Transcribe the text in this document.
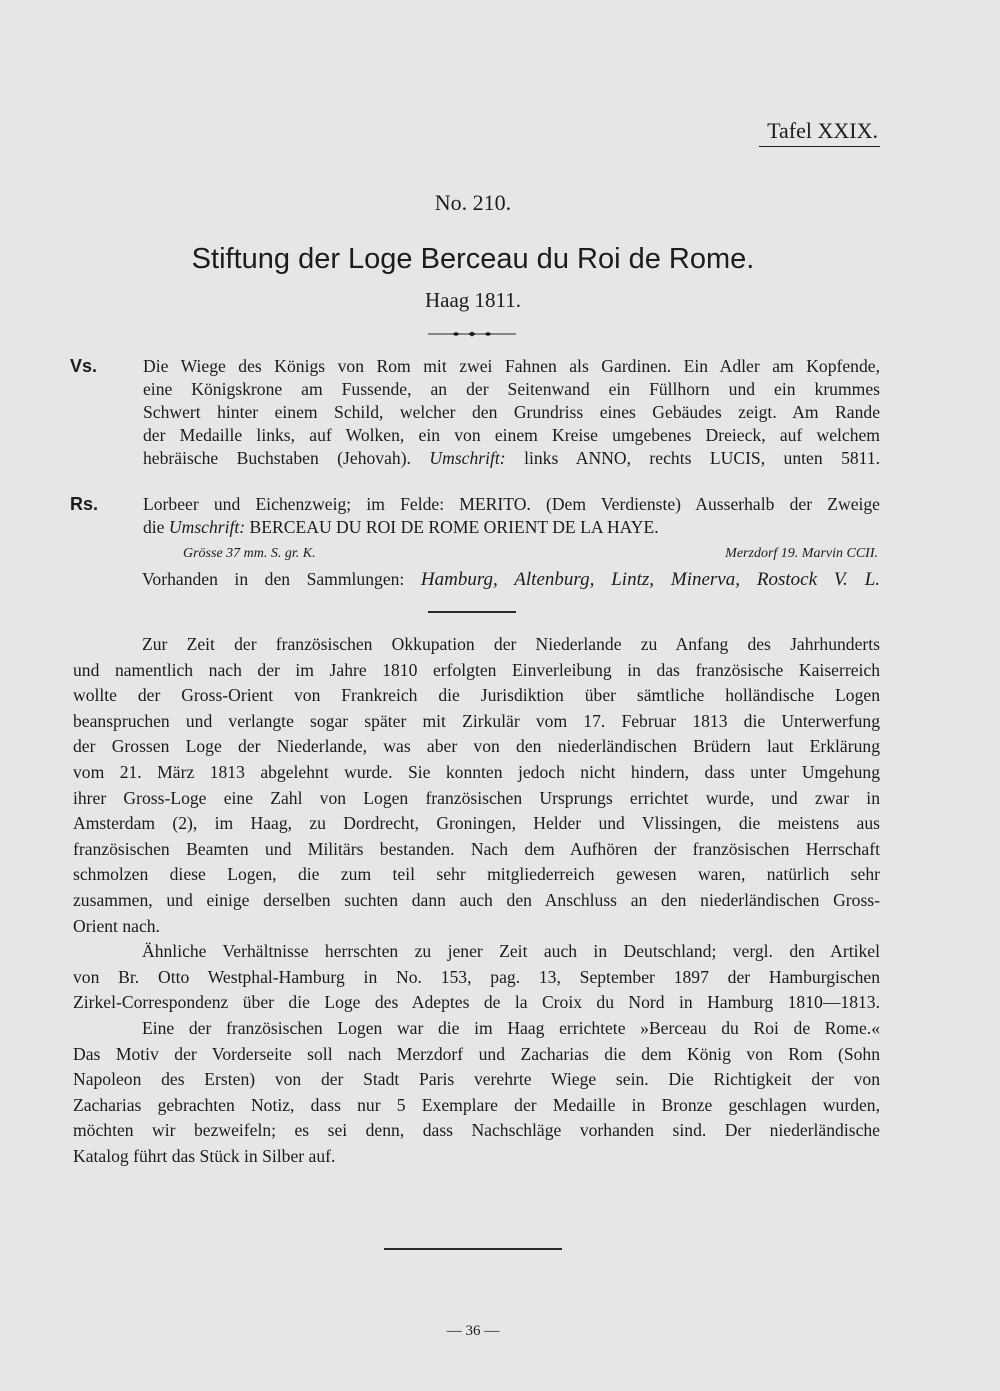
Tafel XXIX.
No. 210.
Stiftung der Loge Berceau du Roi de Rome.
Haag 1811.
Vs.	Die Wiege des Königs von Rom mit zwei Fahnen als Gardinen. Ein Adler am Kopfende,
eine Königskrone am Fussende, an der Seitenwand ein Füllhorn und ein krummes
Schwert hinter einem Schild, welcher den Grundriss eines Gebäudes zeigt. Am Rande
der Medaille links, auf Wolken, ein von einem Kreise umgebenes Dreieck, auf welchem
hebräische Buchstaben (Jehovah). Umschrift: links ANNO, rechts LUCIS, unten 5811.
Rs.	Lorbeer und Eichenzweig; im Felde: MERITO. (Dem Verdienste) Ausserhalb der Zweige
die Umschrift: BERCEAU DU ROI DE ROME ORIENT DE LA HAYE.
Grösse 37 mm. S. gr. K.	Merzdorf 19. Marvin CCII.
Vorhanden in den Sammlungen: Hamburg, Altenburg, Lintz, Minerva, Rostock V. L.
Zur Zeit der französischen Okkupation der Niederlande zu Anfang des Jahrhunderts
und namentlich nach der im Jahre 1810 erfolgten Einverleibung in das französische Kaiserreich
wollte der Gross-Orient von Frankreich die Jurisdiktion über sämtliche holländische Logen
beanspruchen und verlangte sogar später mit Zirkulär vom 17. Februar 1813 die Unterwerfung
der Grossen Loge der Niederlande, was aber von den niederländischen Brüdern laut Erklärung
vom 21. März 1813 abgelehnt wurde. Sie konnten jedoch nicht hindern, dass unter Umgehung
ihrer Gross-Loge eine Zahl von Logen französischen Ursprungs errichtet wurde, und zwar in
Amsterdam (2), im Haag, zu Dordrecht, Groningen, Helder und Vlissingen, die meistens aus
französischen Beamten und Militärs bestanden. Nach dem Aufhören der französischen Herrschaft
schmolzen diese Logen, die zum teil sehr mitgliederreich gewesen waren, natürlich sehr
zusammen, und einige derselben suchten dann auch den Anschluss an den niederländischen Gross-
Orient nach.
Ähnliche Verhältnisse herrschten zu jener Zeit auch in Deutschland; vergl. den Artikel
von Br. Otto Westphal-Hamburg in No. 153, pag. 13, September 1897 der Hamburgischen
Zirkel-Correspondenz über die Loge des Adeptes de la Croix du Nord in Hamburg 1810—1813.
Eine der französischen Logen war die im Haag errichtete »Berceau du Roi de Rome.«
Das Motiv der Vorderseite soll nach Merzdorf und Zacharias die dem König von Rom (Sohn
Napoleon des Ersten) von der Stadt Paris verehrte Wiege sein. Die Richtigkeit der von
Zacharias gebrachten Notiz, dass nur 5 Exemplare der Medaille in Bronze geschlagen wurden,
möchten wir bezweifeln; es sei denn, dass Nachschläge vorhanden sind. Der niederländische
Katalog führt das Stück in Silber auf.
— 36 —
